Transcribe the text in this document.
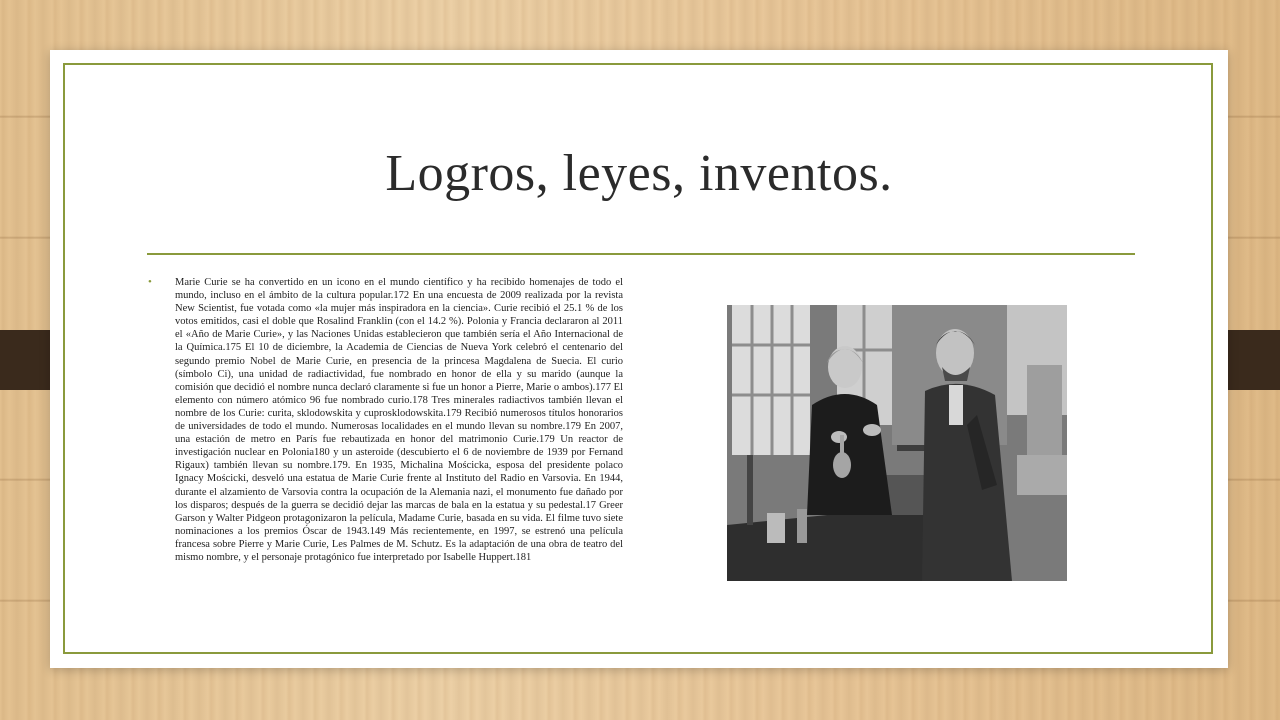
Logros, leyes, inventos.
• Marie Curie se ha convertido en un icono en el mundo científico y ha recibido homenajes de todo el mundo, incluso en el ámbito de la cultura popular.172 En una encuesta de 2009 realizada por la revista New Scientist, fue votada como «la mujer más inspiradora en la ciencia». Curie recibió el 25.1 % de los votos emitidos, casi el doble que Rosalind Franklin (con el 14.2 %). Polonia y Francia declararon al 2011 el «Año de Marie Curie», y las Naciones Unidas establecieron que también sería el Año Internacional de la Química.175 El 10 de diciembre, la Academia de Ciencias de Nueva York celebró el centenario del segundo premio Nobel de Marie Curie, en presencia de la princesa Magdalena de Suecia. El curio (símbolo Ci), una unidad de radiactividad, fue nombrado en honor de ella y su marido (aunque la comisión que decidió el nombre nunca declaró claramente si fue un honor a Pierre, Marie o ambos).177 El elemento con número atómico 96 fue nombrado curio.178 Tres minerales radiactivos también llevan el nombre de los Curie: curita, sklodowskita y cuprosklodowskita.179 Recibió numerosos títulos honorarios de universidades de todo el mundo. Numerosas localidades en el mundo llevan su nombre.179 En 2007, una estación de metro en París fue rebautizada en honor del matrimonio Curie.179 Un reactor de investigación nuclear en Polonia180 y un asteroide (descubierto el 6 de noviembre de 1939 por Fernand Rigaux) también llevan su nombre.179. En 1935, Michalina Mościcka, esposa del presidente polaco Ignacy Mościcki, desveló una estatua de Marie Curie frente al Instituto del Radio en Varsovia. En 1944, durante el alzamiento de Varsovia contra la ocupación de la Alemania nazi, el monumento fue dañado por los disparos; después de la guerra se decidió dejar las marcas de bala en la estatua y su pedestal.17 Greer Garson y Walter Pidgeon protagonizaron la película, Madame Curie, basada en su vida. El filme tuvo siete nominaciones a los premios Óscar de 1943.149 Más recientemente, en 1997, se estrenó una película francesa sobre Pierre y Marie Curie, Les Palmes de M. Schutz. Es la adaptación de una obra de teatro del mismo nombre, y el personaje protagónico fue interpretado por Isabelle Huppert.181
